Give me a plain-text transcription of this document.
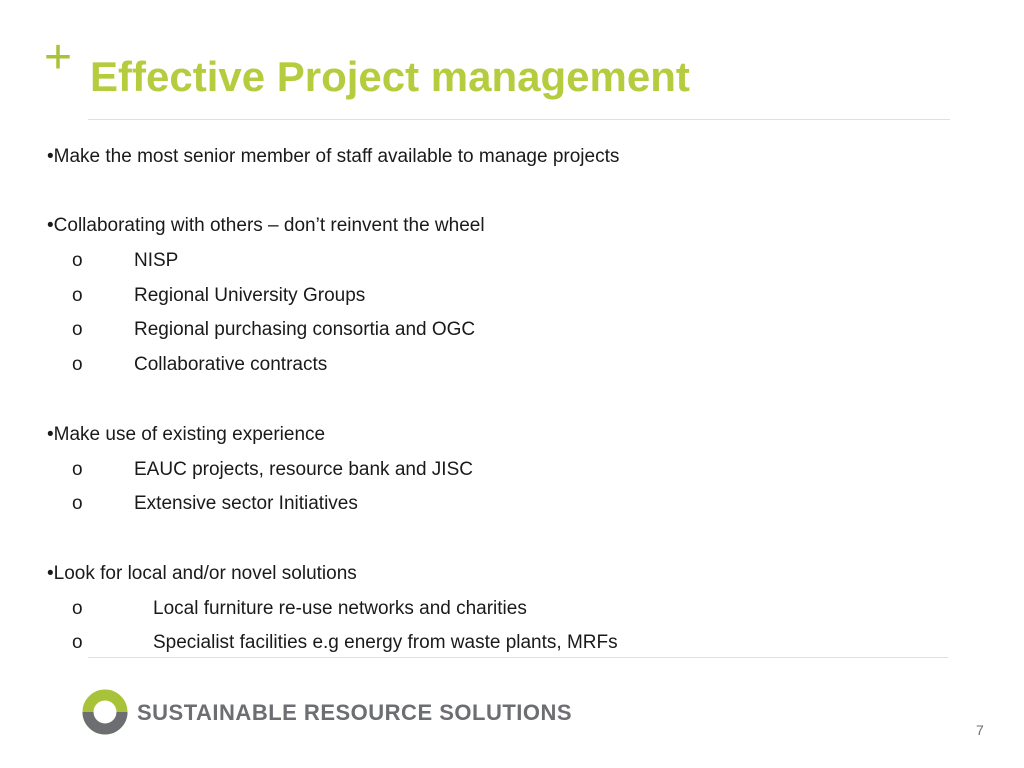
+ Effective Project management
•Make the most senior member of staff available to manage projects
•Collaborating with others – don’t reinvent the wheel
o	NISP
o	Regional University Groups
o	Regional purchasing consortia and OGC
o	Collaborative contracts
•Make use of existing experience
o	EAUC projects, resource bank and JISC
o	Extensive sector Initiatives
•Look for local and/or novel solutions
o	Local furniture re-use networks and charities
o	Specialist facilities e.g energy from waste plants, MRFs
SUSTAINABLE RESOURCE SOLUTIONS
7
